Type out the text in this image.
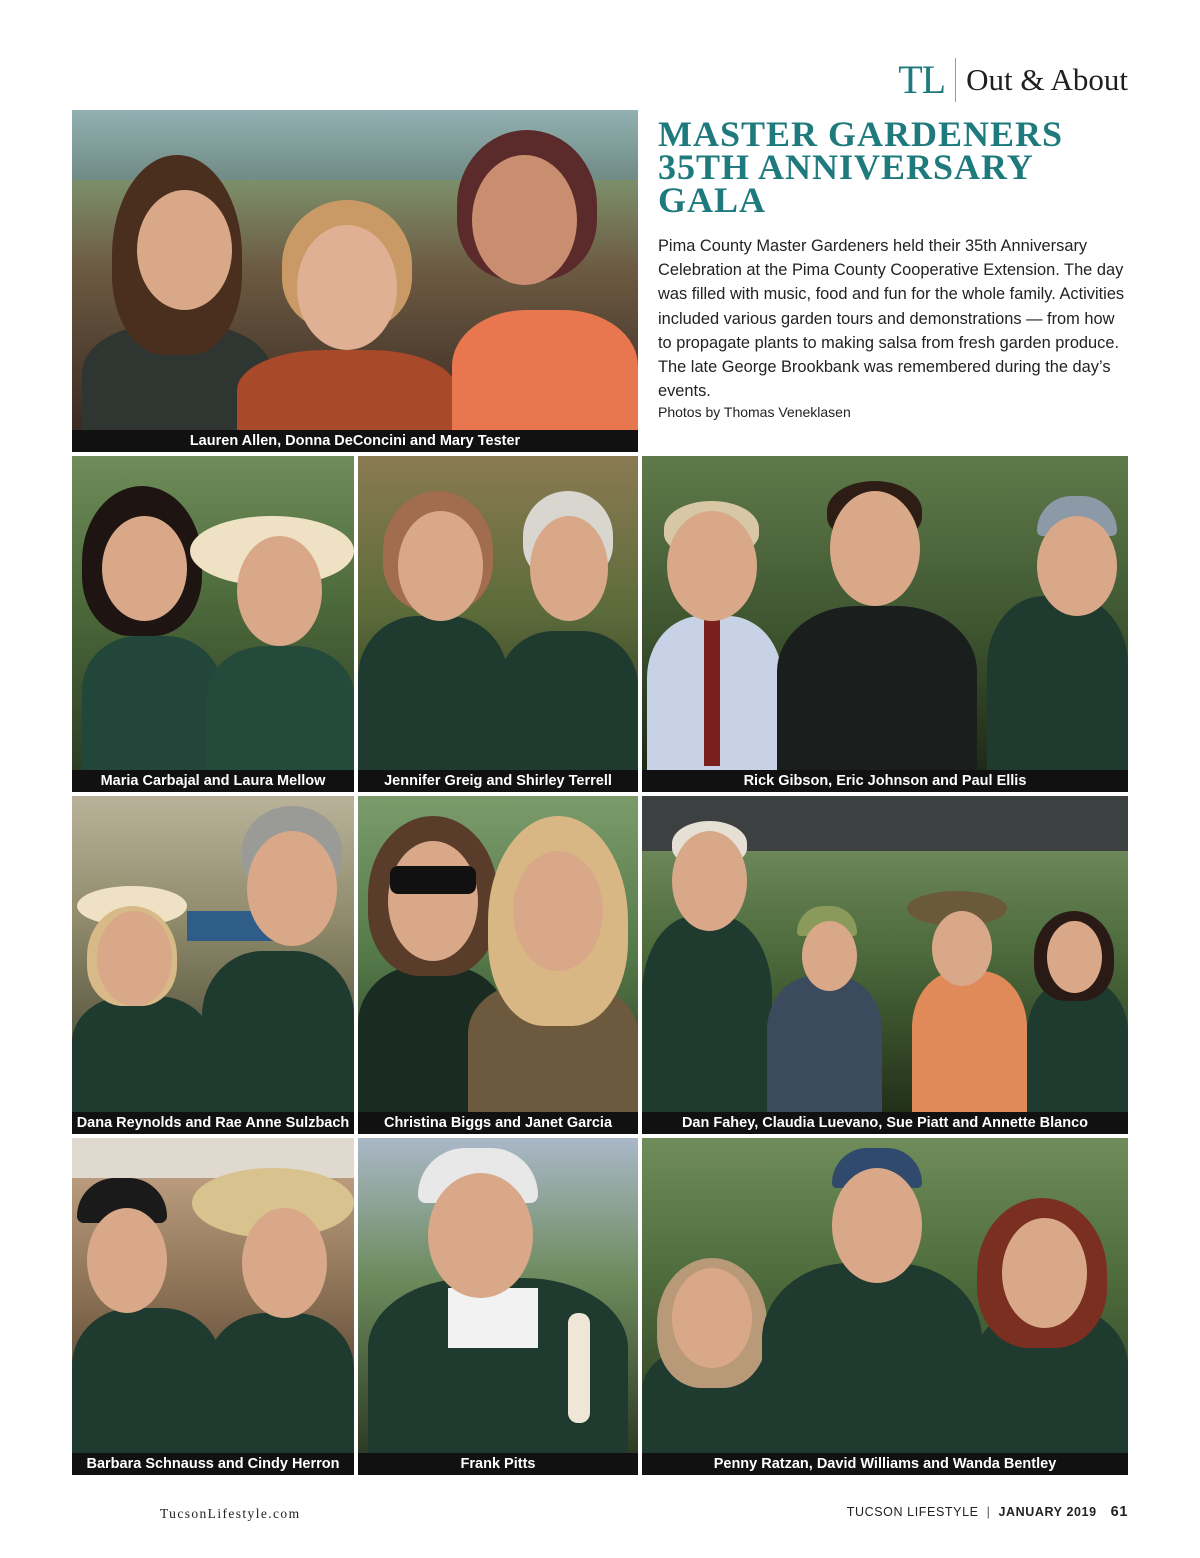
TL Out & About
MASTER GARDENERS
35TH ANNIVERSARY
GALA

Pima County Master Gardeners held their 35th Anniversary Celebration at the Pima County Cooperative Extension. The day was filled with music, food and fun for the whole family. Activities included various garden tours and demonstrations — from how to propagate plants to making salsa from fresh garden produce. The late George Brookbank was remembered during the day’s events.

Photos by Thomas Veneklasen

Lauren Allen, Donna DeConcini and Mary Tester
Maria Carbajal and Laura Mellow	Jennifer Greig and Shirley Terrell	Rick Gibson, Eric Johnson and Paul Ellis
Dana Reynolds and Rae Anne Sulzbach	Christina Biggs and Janet Garcia	Dan Fahey, Claudia Luevano, Sue Piatt and Annette Blanco
Barbara Schnauss and Cindy Herron	Frank Pitts	Penny Ratzan, David Williams and Wanda Bentley
TucsonLifestyle.com	TUCSON LIFESTYLE | JANUARY 2019 61
